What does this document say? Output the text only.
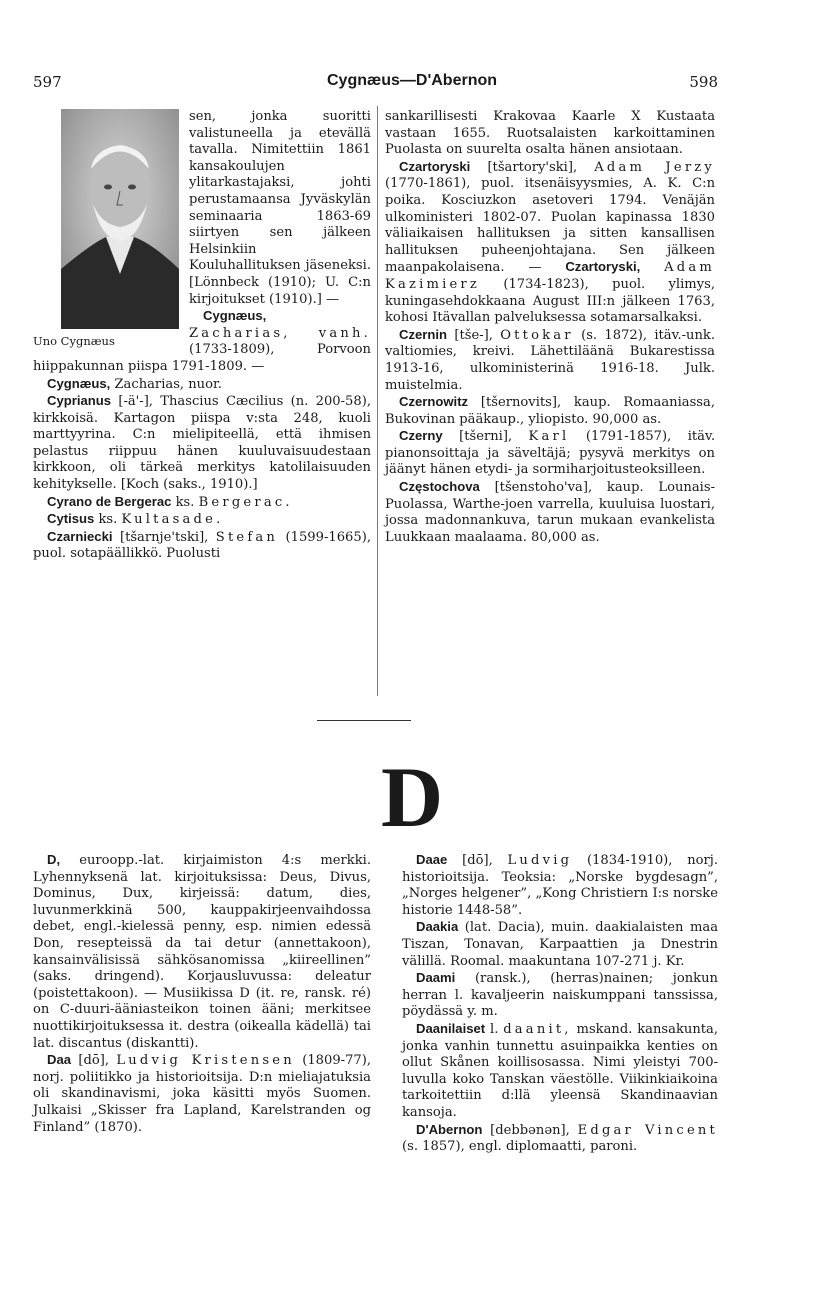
597	Cygnæus—D'Abernon	598
Uno Cygnæus

sen, jonka suoritti valistuneella ja etevällä tavalla. Nimitettiin 1861 kansakoulujen ylitarkastajaksi, johti perustamaansa Jyväskylän seminaaria 1863-69 siirtyen sen jälkeen Helsinkiin Kouluhallituksen jäseneksi. [Lönnbeck (1910); U. C:n kirjoitukset (1910).] —

Cygnæus, Zacharias, vanh. (1733-1809), Porvoon hiippakunnan piispa 1791-1809. —

Cygnæus, Zacharias, nuor.

Cyprianus [-ä'-], Thascius Cæcilius (n. 200-58), kirkkoisä. Kartagon piispa v:sta 248, kuoli marttyyrina. C:n mielipiteellä, että ihmisen pelastus riippuu hänen kuuluvaisuudestaan kirkkoon, oli tärkeä merkitys katolilaisuuden kehitykselle. [Koch (saks., 1910).]

Cyrano de Bergerac ks. Bergerac.

Cytisus ks. Kultasade.

Czarniecki [tšarnje'tski], Stefan (1599-1665), puol. sotapäällikkö. Puolusti

sankarillisesti Krakovaa Kaarle X Kustaata vastaan 1655. Ruotsalaisten karkoittaminen Puolasta on suurelta osalta hänen ansiotaan.

Czartoryski [tšartory'ski], Adam Jerzy (1770-1861), puol. itsenäisyysmies, A. K. C:n poika. Kosciuzkon asetoveri 1794. Venäjän ulkoministeri 1802-07. Puolan kapinassa 1830 väliaikaisen hallituksen ja sitten kansallisen hallituksen puheenjohtajana. Sen jälkeen maanpakolaisena. — Czartoryski, Adam Kazimierz (1734-1823), puol. ylimys, kuningasehdokkaana August III:n jälkeen 1763, kohosi Itävallan palveluksessa sotamarsalkaksi.

Czernin [tše-], Ottokar (s. 1872), itäv.-unk. valtiomies, kreivi. Lähettiläänä Bukarestissa 1913-16, ulkoministerinä 1916-18. Julk. muistelmia.

Czernowitz [tšernovits], kaup. Romaaniassa, Bukovinan pääkaup., yliopisto. 90,000 as.

Czerny [tšerni], Karl (1791-1857), itäv. pianonsoittaja ja säveltäjä; pysyvä merkitys on jäänyt hänen etydi- ja sormiharjoitusteoksilleen.

Częstochova [tšenstoho'va], kaup. Lounais-Puolassa, Warthe-joen varrella, kuuluisa luostari, jossa madonnankuva, tarun mukaan evankelista Luukkaan maalaama. 80,000 as.

D

D, euroopp.-lat. kirjaimiston 4:s merkki. Lyhennyksenä lat. kirjoituksissa: Deus, Divus, Dominus, Dux, kirjeissä: datum, dies, luvunmerkkinä 500, kauppakirjeenvaihdossa debet, engl.-kielessä penny, esp. nimien edessä Don, resepteissä da tai detur (annettakoon), kansainvälisissä sähkösanomissa „kiireellinen” (saks. dringend). Korjausluvussa: deleatur (poistettakoon). — Musiikissa D (it. re, ransk. ré) on C-duuri-ääniasteikon toinen ääni; merkitsee nuottikirjoituksessa it. destra (oikealla kädellä) tai lat. discantus (diskantti).

Daa [dō], Ludvig Kristensen (1809-77), norj. poliitikko ja historioitsija. D:n mieliajatuksia oli skandinavismi, joka käsitti myös Suomen. Julkaisi „Skisser fra Lapland, Karelstranden og Finland” (1870).

Daae [dō], Ludvig (1834-1910), norj. historioitsija. Teoksia: „Norske bygdesagn”, „Norges helgener”, „Kong Christiern I:s norske historie 1448-58”.

Daakia (lat. Dacia), muin. daakialaisten maa Tiszan, Tonavan, Karpaattien ja Dnestrin välillä. Roomal. maakuntana 107-271 j. Kr.

Daami (ransk.), (herras)nainen; jonkun herran l. kavaljeerin naiskumppani tanssissa, pöydässä y. m.

Daanilaiset l. daanit, mskand. kansakunta, jonka vanhin tunnettu asuinpaikka kenties on ollut Skånen koillisosassa. Nimi yleistyi 700-luvulla koko Tanskan väestölle. Viikinkiaikoina tarkoitettiin d:llä yleensä Skandinaavian kansoja.

D'Abernon [debbənən], Edgar Vincent (s. 1857), engl. diplomaatti, paroni.
